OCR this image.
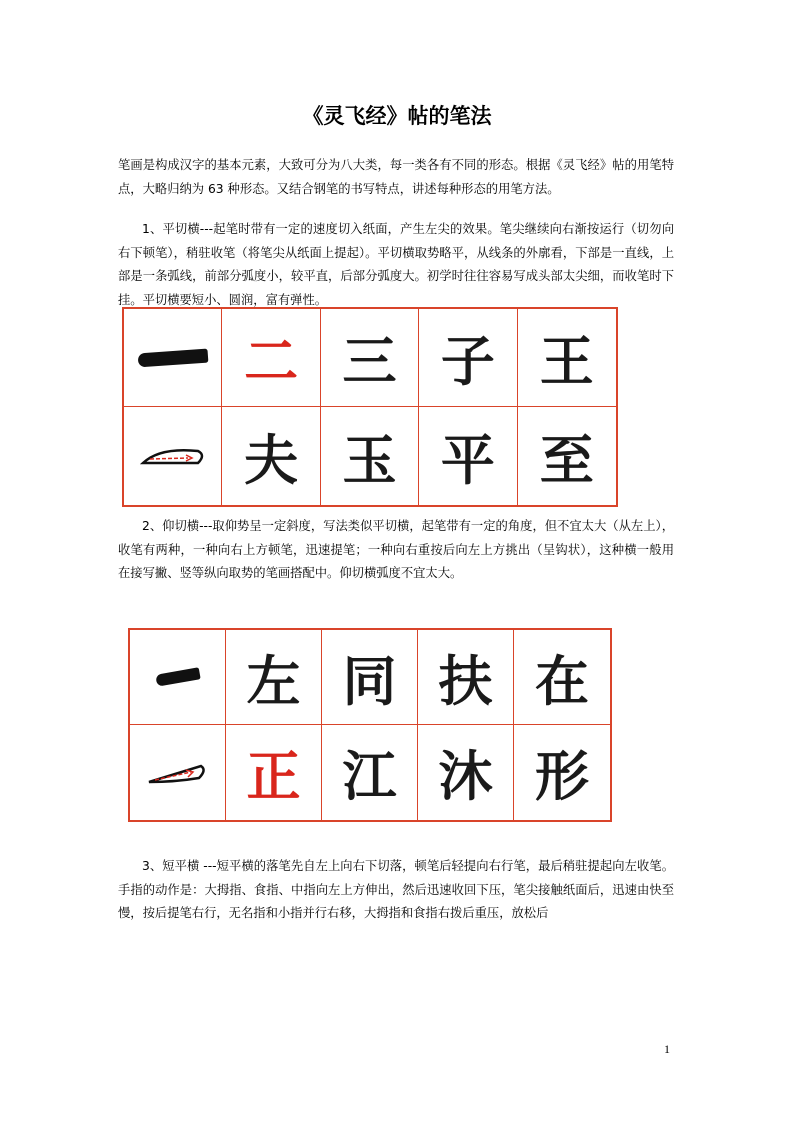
《灵飞经》帖的笔法

笔画是构成汉字的基本元素，大致可分为八大类，每一类各有不同的形态。根据《灵飞经》帖的用笔特点，大略归纳为 63 种形态。又结合钢笔的书写特点，讲述每种形态的用笔方法。

1、平切横---起笔时带有一定的速度切入纸面，产生左尖的效果。笔尖继续向右渐按运行（切勿向右下顿笔），稍驻收笔（将笔尖从纸面上提起）。平切横取势略平，从线条的外廓看，下部是一直线，上部是一条弧线，前部分弧度小，较平直，后部分弧度大。初学时往往容易写成头部太尖细，而收笔时下挂。平切横要短小、圆润，富有弹性。

二 三 子 王
夫 玉 平 至

2、仰切横---取仰势呈一定斜度，写法类似平切横，起笔带有一定的角度，但不宜太大（从左上），收笔有两种，一种向右上方顿笔，迅速提笔；一种向右重按后向左上方挑出（呈钩状），这种横一般用在接写撇、竖等纵向取势的笔画搭配中。仰切横弧度不宜太大。

左 同 扶 在
正 江 沐 形

3、短平横 ---短平横的落笔先自左上向右下切落，顿笔后轻提向右行笔，最后稍驻提起向左收笔。手指的动作是：大拇指、食指、中指向左上方伸出，然后迅速收回下压，笔尖接触纸面后，迅速由快至慢，按后提笔右行，无名指和小指并行右移，大拇指和食指右拨后重压，放松后

1
